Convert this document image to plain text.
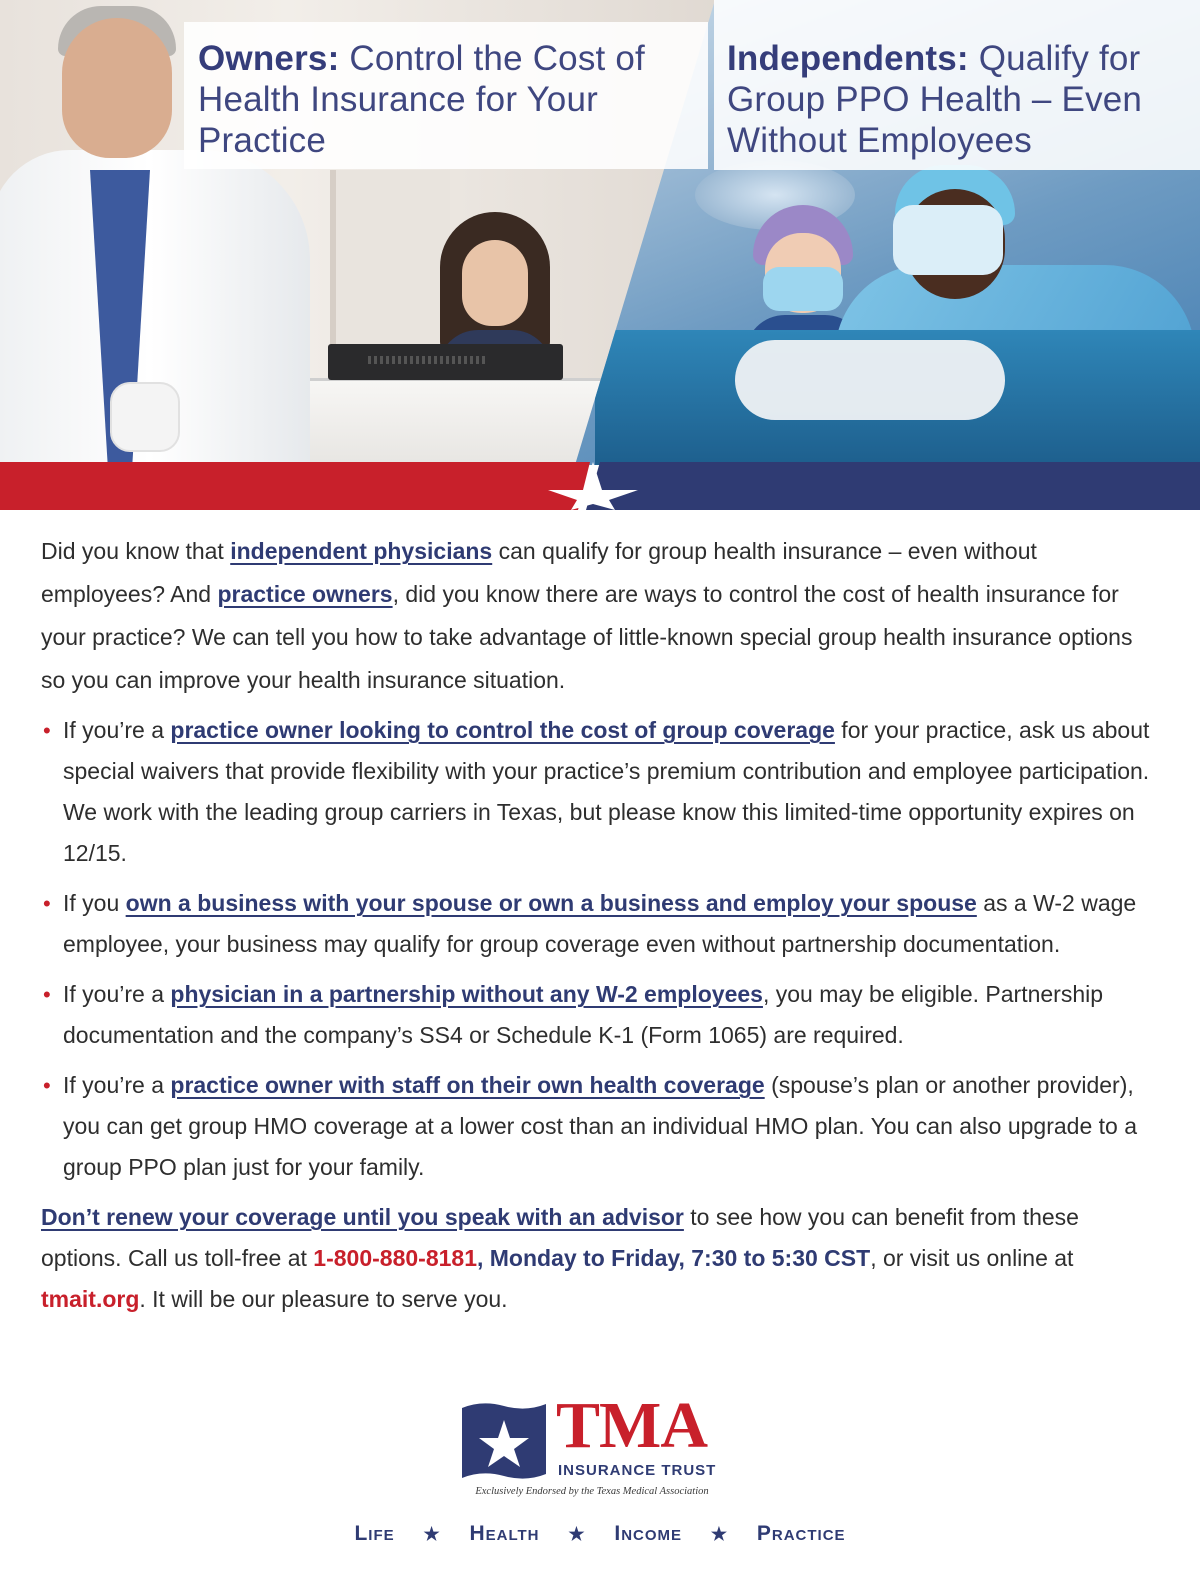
Owners: Control the Cost of Health Insurance for Your Practice
Independents: Qualify for Group PPO Health – Even Without Employees

Did you know that independent physicians can qualify for group health insurance – even without employees? And practice owners, did you know there are ways to control the cost of health insurance for your practice? We can tell you how to take advantage of little-known special group health insurance options so you can improve your health insurance situation.

• If you’re a practice owner looking to control the cost of group coverage for your practice, ask us about special waivers that provide flexibility with your practice’s premium contribution and employee participation. We work with the leading group carriers in Texas, but please know this limited-time opportunity expires on 12/15.
• If you own a business with your spouse or own a business and employ your spouse as a W-2 wage employee, your business may qualify for group coverage even without partnership documentation.
• If you’re a physician in a partnership without any W-2 employees, you may be eligible. Partnership documentation and the company’s SS4 or Schedule K-1 (Form 1065) are required.
• If you’re a practice owner with staff on their own health coverage (spouse’s plan or another provider), you can get group HMO coverage at a lower cost than an individual HMO plan. You can also upgrade to a group PPO plan just for your family.

Don’t renew your coverage until you speak with an advisor to see how you can benefit from these options. Call us toll-free at 1-800-880-8181, Monday to Friday, 7:30 to 5:30 CST, or visit us online at tmait.org. It will be our pleasure to serve you.

TMA
INSURANCE TRUST
Exclusively Endorsed by the Texas Medical Association
Life ★ Health ★ Income ★ Practice
